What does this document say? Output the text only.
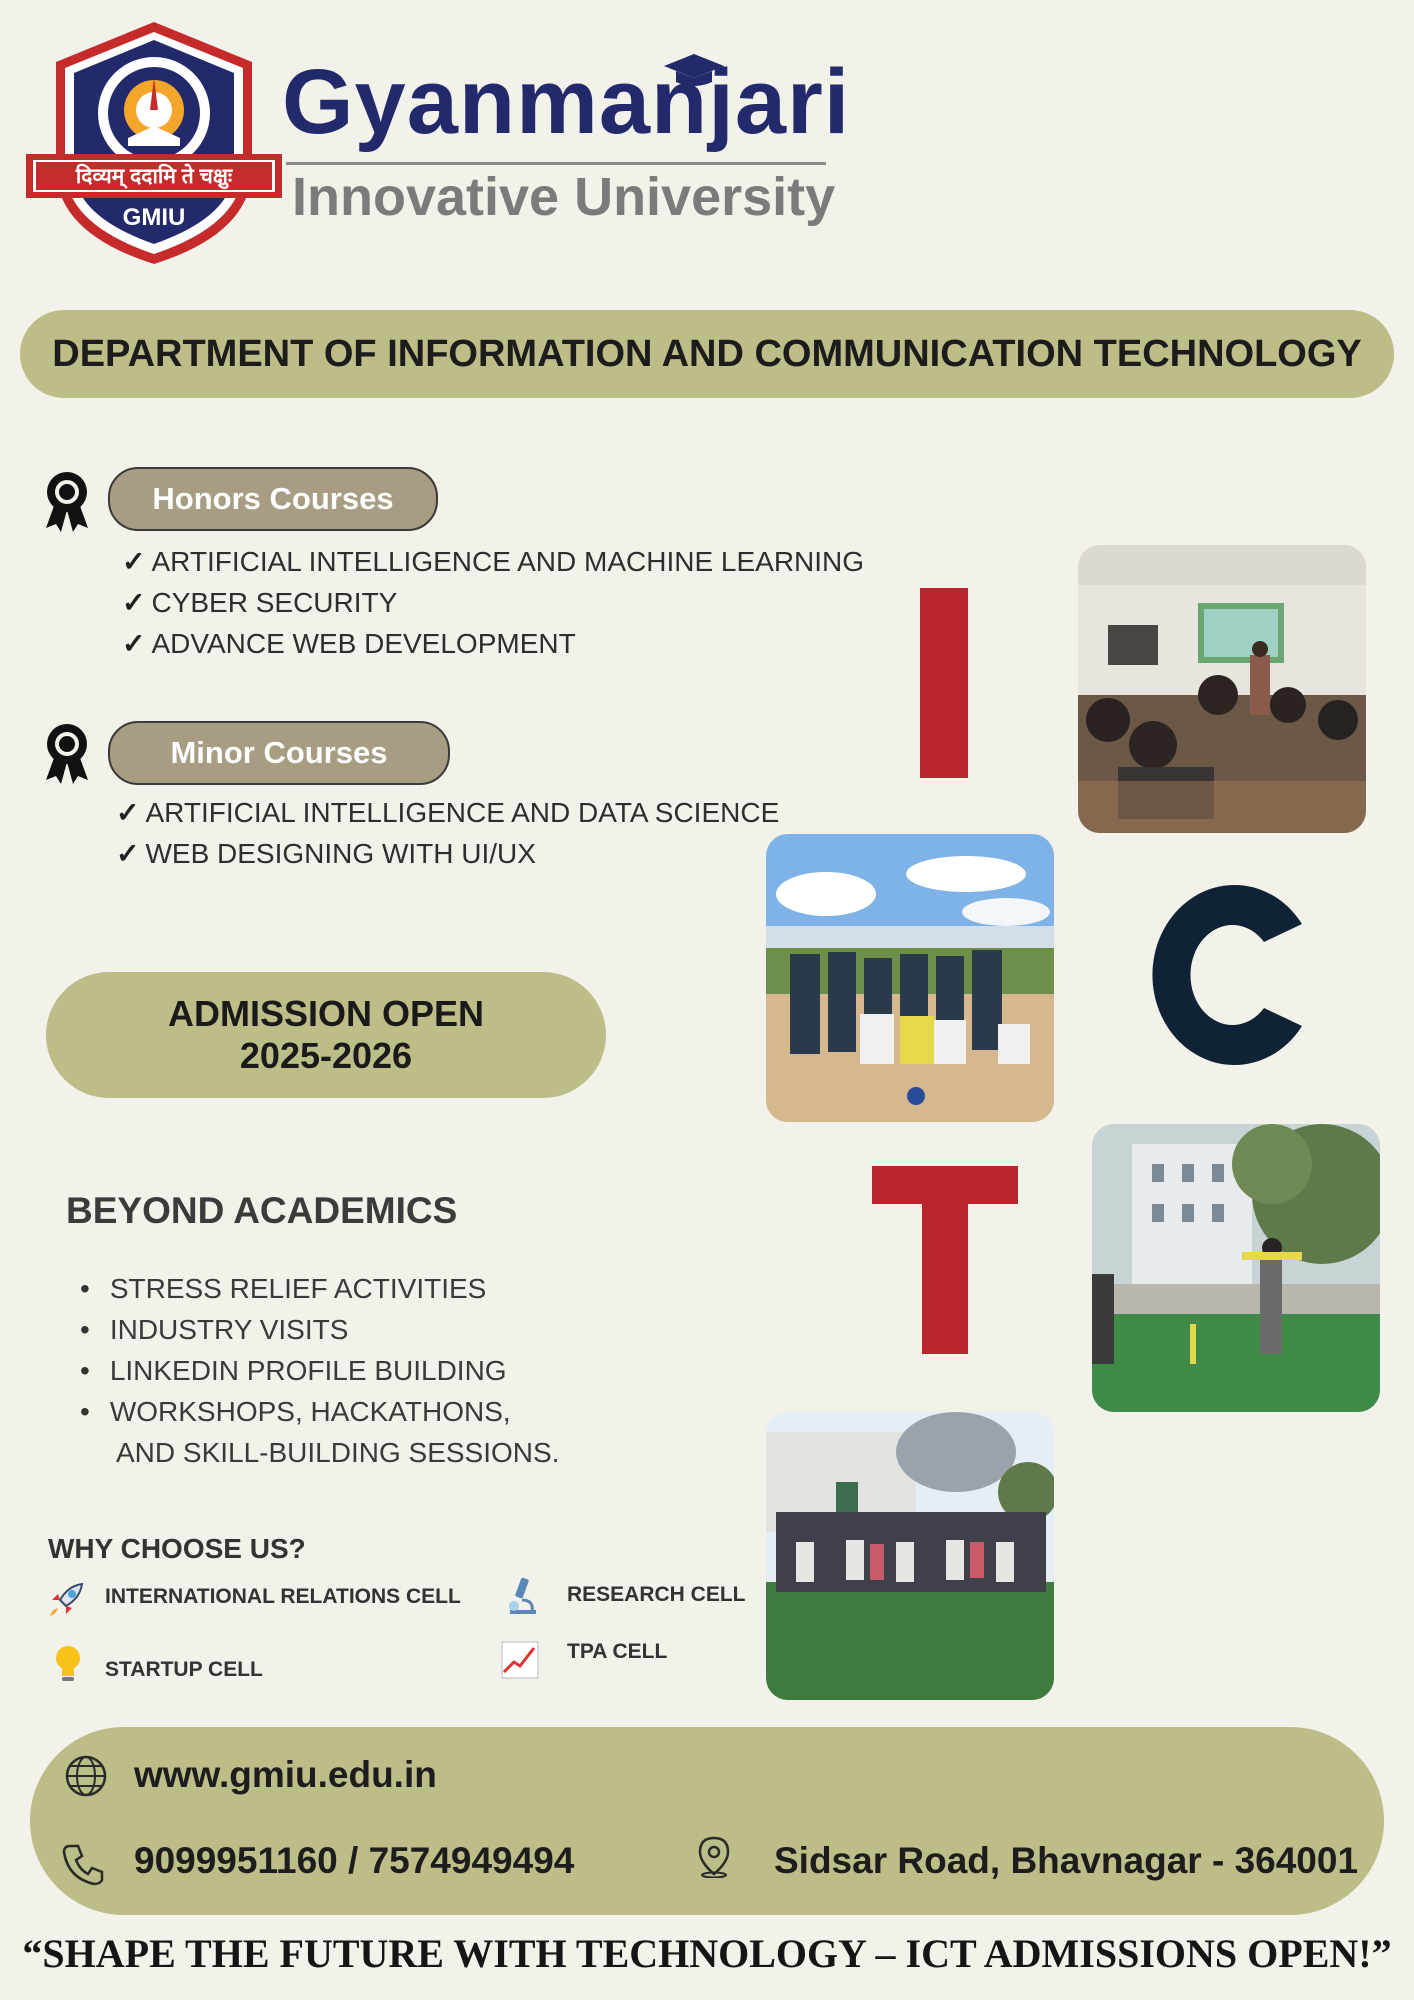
दिव्यम् ददामि ते चक्षुः
GMIU
Gyanmanjari
Innovative University
DEPARTMENT OF INFORMATION AND COMMUNICATION TECHNOLOGY
Honors Courses
✓ ARTIFICIAL INTELLIGENCE AND MACHINE LEARNING
✓ CYBER SECURITY
✓ ADVANCE WEB DEVELOPMENT
Minor Courses
✓ ARTIFICIAL INTELLIGENCE AND DATA SCIENCE
✓ WEB DESIGNING WITH UI/UX
ADMISSION OPEN
2025-2026
BEYOND ACADEMICS
• STRESS RELIEF ACTIVITIES
• INDUSTRY VISITS
• LINKEDIN PROFILE BUILDING
• WORKSHOPS, HACKATHONS,
AND SKILL-BUILDING SESSIONS.
WHY CHOOSE US?
INTERNATIONAL RELATIONS CELL	RESEARCH CELL
STARTUP CELL
TPA CELL
www.gmiu.edu.in
9099951160 / 7574949494	Sidsar Road, Bhavnagar - 364001
“SHAPE THE FUTURE WITH TECHNOLOGY – ICT ADMISSIONS OPEN!”
